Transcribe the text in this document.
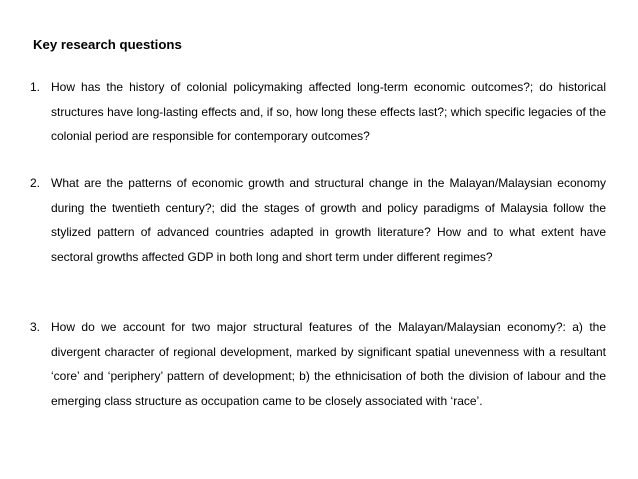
Key research questions
1. How has the history of colonial policymaking affected long-term economic outcomes?; do historical structures have long-lasting effects and, if so, how long these effects last?; which specific legacies of the colonial period are responsible for contemporary outcomes?
2. What are the patterns of economic growth and structural change in the Malayan/Malaysian economy during the twentieth century?; did the stages of growth and policy paradigms of Malaysia follow the stylized pattern of advanced countries adapted in growth literature? How and to what extent have sectoral growths affected GDP in both long and short term under different regimes?
3. How do we account for two major structural features of the Malayan/Malaysian economy?: a) the divergent character of regional development, marked by significant spatial unevenness with a resultant ‘core’ and ‘periphery’ pattern of development; b) the ethnicisation of both the division of labour and the emerging class structure as occupation came to be closely associated with ‘race’.
